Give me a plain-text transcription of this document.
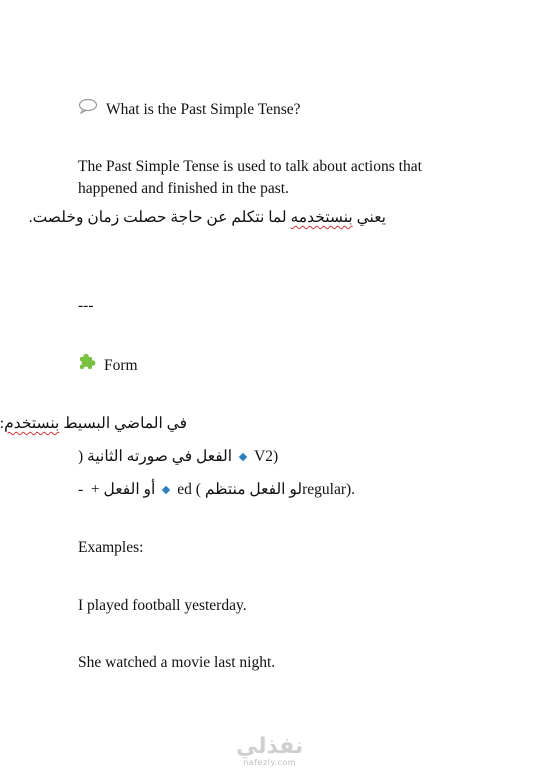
What is the Past Simple Tense?
The Past Simple Tense is used to talk about actions that
happened and finished in the past.
يعني بنستخدمه لما نتكلم عن حاجة حصلت زمان وخلصت.
---
Form
في الماضي البسيط بنستخدم:
الفعل في صورته الثانية ( V2)
- أو الفعل + ed ( لو الفعل منتظمregular).
Examples:
I played football yesterday.
She watched a movie last night.
نفذلي
nafezly.com
